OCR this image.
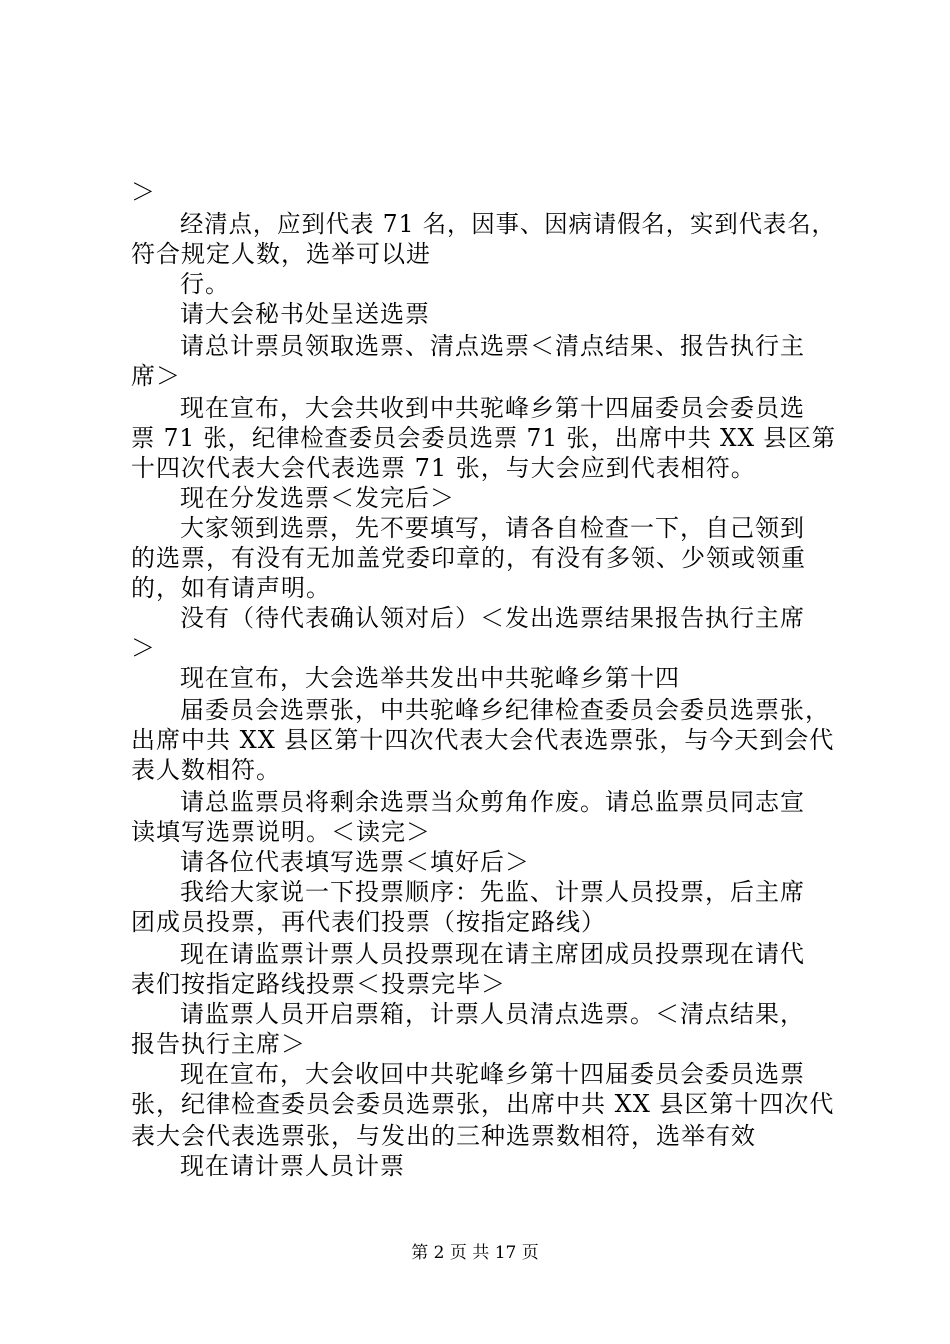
＞
经清点，应到代表 71 名，因事、因病请假名，实到代表名，
符合规定人数，选举可以进
行。
请大会秘书处呈送选票
请总计票员领取选票、清点选票＜清点结果、报告执行主
席＞
现在宣布，大会共收到中共驼峰乡第十四届委员会委员选
票 71 张，纪律检查委员会委员选票 71 张，出席中共 XX 县区第
十四次代表大会代表选票 71 张，与大会应到代表相符。
现在分发选票＜发完后＞
大家领到选票，先不要填写，请各自检查一下，自己领到
的选票，有没有无加盖党委印章的，有没有多领、少领或领重
的，如有请声明。
没有（待代表确认领对后）＜发出选票结果报告执行主席
＞
现在宣布，大会选举共发出中共驼峰乡第十四
届委员会选票张，中共驼峰乡纪律检查委员会委员选票张，
出席中共 XX 县区第十四次代表大会代表选票张，与今天到会代
表人数相符。
请总监票员将剩余选票当众剪角作废。请总监票员同志宣
读填写选票说明。＜读完＞
请各位代表填写选票＜填好后＞
我给大家说一下投票顺序：先监、计票人员投票，后主席
团成员投票，再代表们投票（按指定路线）
现在请监票计票人员投票现在请主席团成员投票现在请代
表们按指定路线投票＜投票完毕＞
请监票人员开启票箱，计票人员清点选票。＜清点结果，
报告执行主席＞
现在宣布，大会收回中共驼峰乡第十四届委员会委员选票
张，纪律检查委员会委员选票张，出席中共 XX 县区第十四次代
表大会代表选票张，与发出的三种选票数相符，选举有效
现在请计票人员计票
第 2 页 共 17 页
